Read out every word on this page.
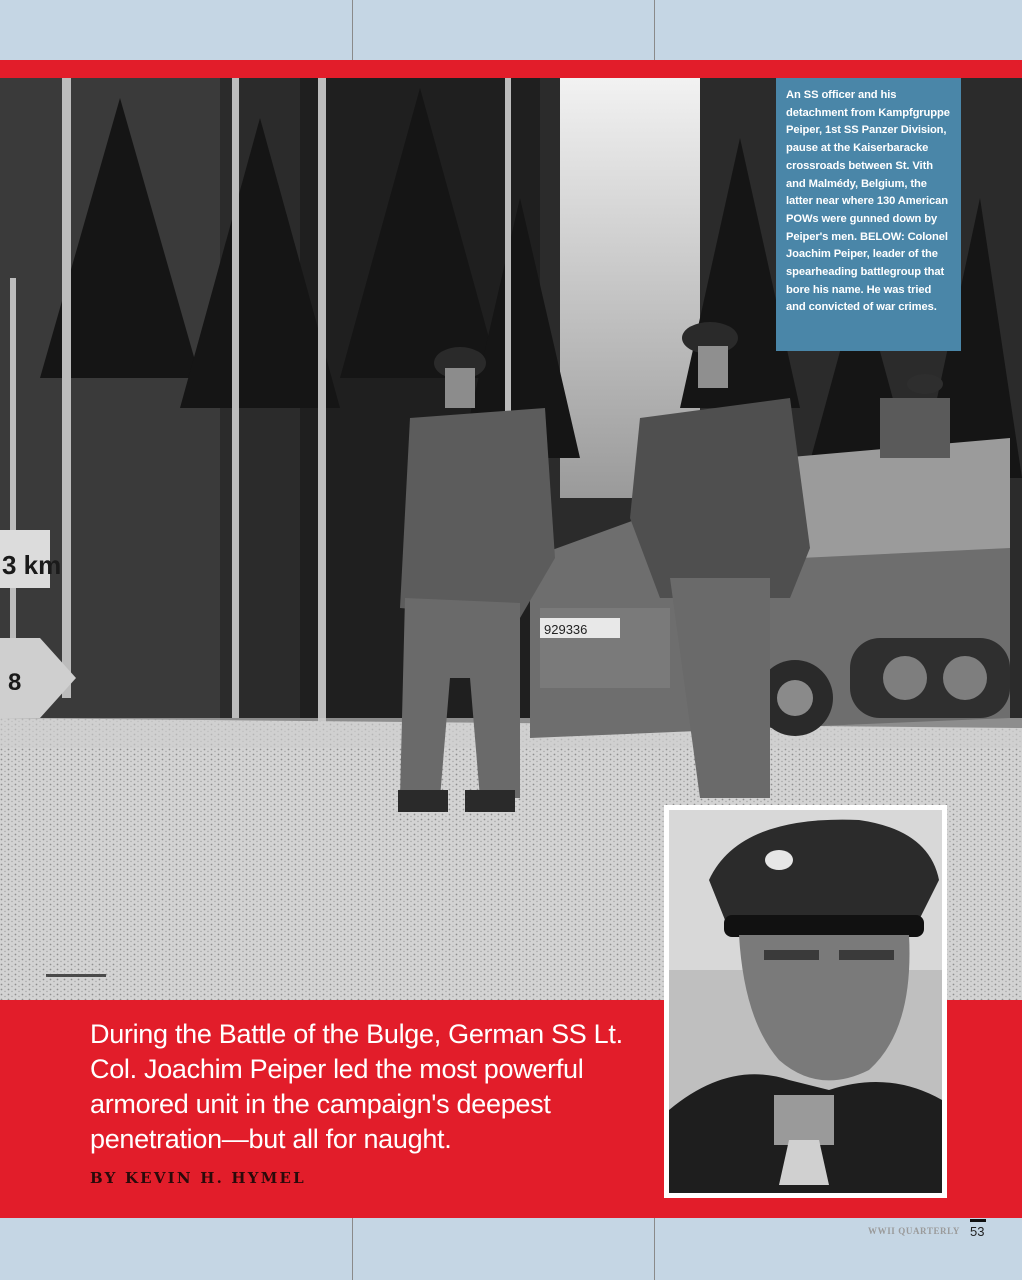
3 km
8
929336

An SS officer and his detachment from Kampfgruppe Peiper, 1st SS Panzer Division, pause at the Kaiserbaracke crossroads between St. Vith and Malmédy, Belgium, the latter near where 130 American POWs were gunned down by Peiper's men. BELOW: Colonel Joachim Peiper, leader of the spearheading battlegroup that bore his name. He was tried and convicted of war crimes.

During the Battle of the Bulge, German SS Lt. Col. Joachim Peiper led the most powerful armored unit in the campaign's deepest penetration—but all for naught.

BY KEVIN H. HYMEL

WWII QUARTERLY 53
